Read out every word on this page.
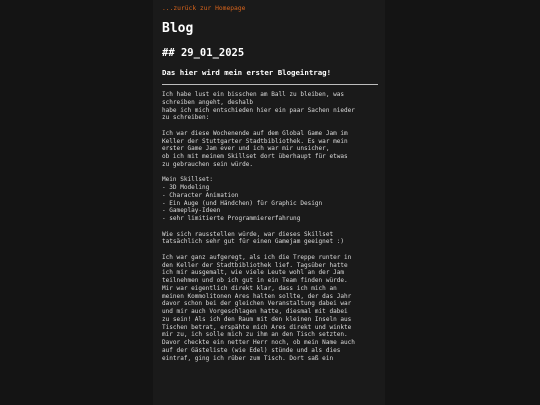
...zurück zur Homepage
Blog
## 29_01_2025
Das hier wird mein erster Blogeintrag!

Ich habe lust ein bisschen am Ball zu bleiben, was
schreiben angeht, deshalb
habe ich mich entschieden hier ein paar Sachen nieder
zu schreiben:

Ich war diese Wochenende auf dem Global Game Jam im
Keller der Stuttgarter Stadtbibliothek. Es war mein
erster Game Jam ever und ich war mir unsicher,
ob ich mit meinem Skillset dort überhaupt für etwas
zu gebrauchen sein würde.

Mein Skillset:
- 3D Modeling
- Character Animation
- Ein Auge (und Händchen) für Graphic Design
- Gameplay-Ideen
- sehr limitierte Programmiererfahrung

Wie sich rausstellen würde, war dieses Skillset
tatsächlich sehr gut für einen Gamejam geeignet :)

Ich war ganz aufgeregt, als ich die Treppe runter in
den Keller der Stadtbibliothek lief. Tagsüber hatte
ich mir ausgemalt, wie viele Leute wohl an der Jam
teilnehmen und ob ich gut in ein Team finden würde.
Mir war eigentlich direkt klar, dass ich mich an
meinen Kommolitonen Ares halten sollte, der das Jahr
davor schon bei der gleichen Veranstaltung dabei war
und mir auch Vorgeschlagen hatte, diesmal mit dabei
zu sein! Als ich den Raum mit den kleinen Inseln aus
Tischen betrat, erspähte mich Ares direkt und winkte
mir zu, ich solle mich zu ihm an den Tisch setzten.
Davor checkte ein netter Herr noch, ob mein Name auch
auf der Gästeliste (wie Edel) stünde und als dies
eintraf, ging ich rüber zum Tisch. Dort saß ein
